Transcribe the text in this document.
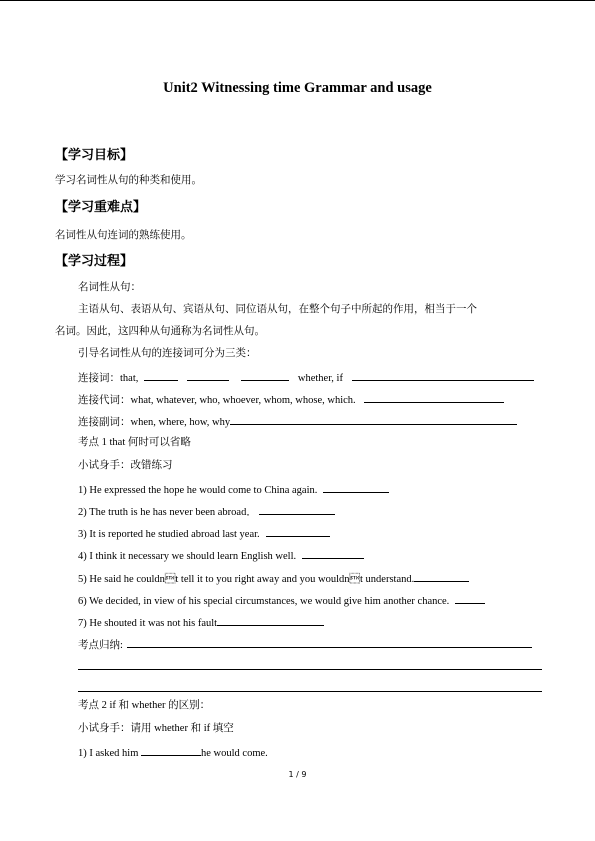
Unit2 Witnessing time Grammar and usage
【学习目标】
学习名词性从句的种类和使用。
【学习重难点】
名词性从句连词的熟练使用。
【学习过程】
名词性从句：
主语从句、表语从句、宾语从句、同位语从句，在整个句子中所起的作用，相当于一个
名词。因此，这四种从句通称为名词性从句。
引导名词性从句的连接词可分为三类：
连接词：that,	whether, if
连接代词：what, whatever, who, whoever, whom, whose, which.
连接副词：when, where, how, why
考点 1 that 何时可以省略
小试身手：改错练习
1) He expressed the hope he would come to China again.
2) The truth is he has never been abroad．
3) It is reported he studied abroad last year.
4) I think it necessary we should learn English well.
5) He said he couldnt tell it to you right away and you wouldnt understand.
6) We decided, in view of his special circumstances, we would give him another chance.
7) He shouted it was not his fault
考点归纳:
考点 2 if 和 whether 的区别：
小试身手：请用 whether 和 if 填空
1) I asked him	he would come.
1 / 9
